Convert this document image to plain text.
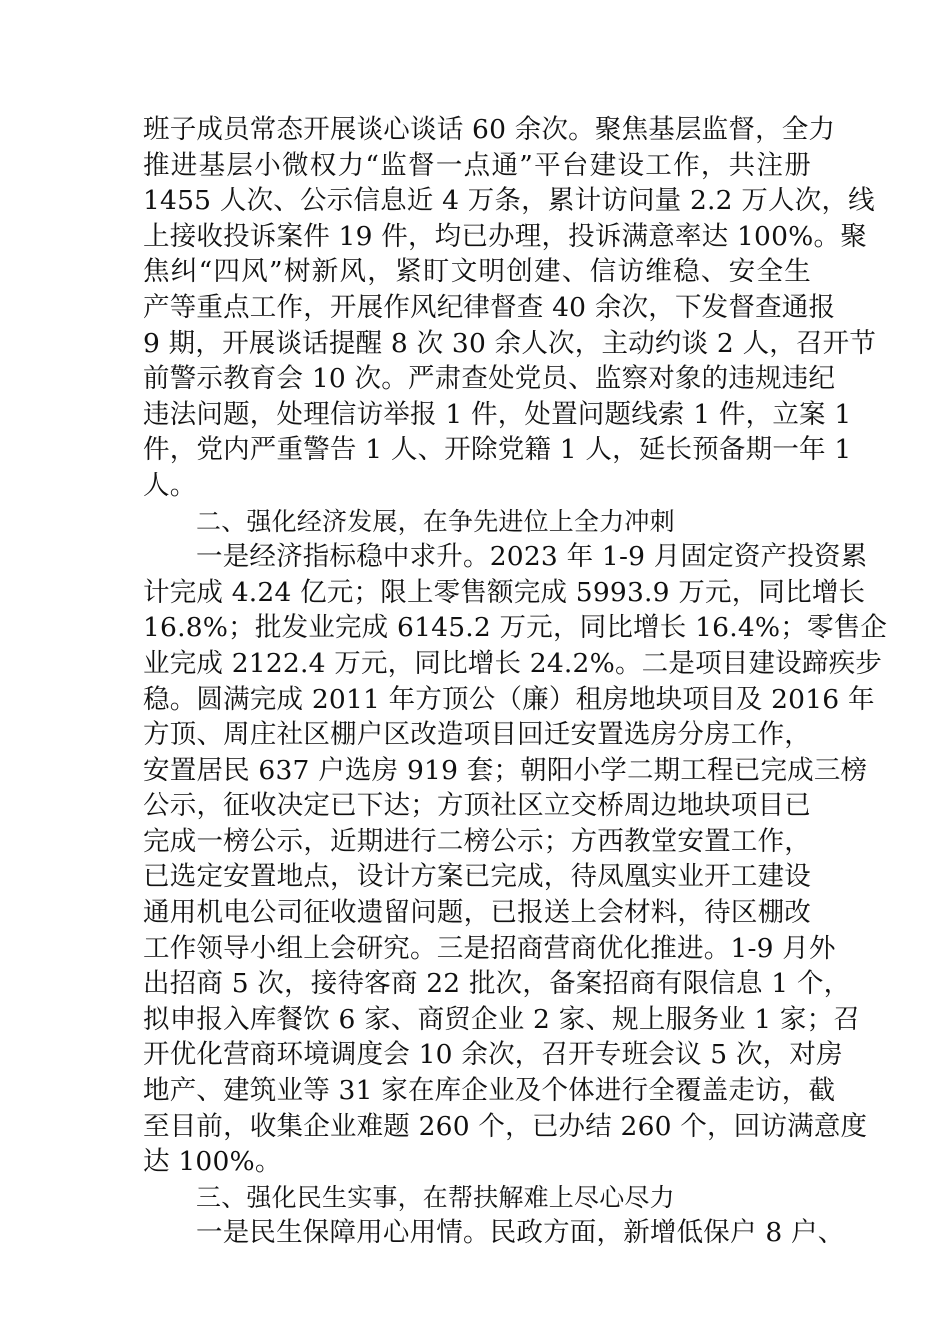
班子成员常态开展谈心谈话 60 余次。聚焦基层监督，全力
推进基层小微权力“监督一点通”平台建设工作，共注册
1455 人次、公示信息近 4 万条，累计访问量 2.2 万人次，线
上接收投诉案件 19 件，均已办理，投诉满意率达 100%。聚
焦纠“四风”树新风，紧盯文明创建、信访维稳、安全生
产等重点工作，开展作风纪律督查 40 余次，下发督查通报
9 期，开展谈话提醒 8 次 30 余人次，主动约谈 2 人，召开节
前警示教育会 10 次。严肃查处党员、监察对象的违规违纪
违法问题，处理信访举报 1 件，处置问题线索 1 件，立案 1
件，党内严重警告 1 人、开除党籍 1 人，延长预备期一年 1
人。
二、强化经济发展，在争先进位上全力冲刺
一是经济指标稳中求升。2023 年 1-9 月固定资产投资累
计完成 4.24 亿元；限上零售额完成 5993.9 万元，同比增长
16.8%；批发业完成 6145.2 万元，同比增长 16.4%；零售企
业完成 2122.4 万元，同比增长 24.2%。二是项目建设蹄疾步
稳。圆满完成 2011 年方顶公（廉）租房地块项目及 2016 年
方顶、周庄社区棚户区改造项目回迁安置选房分房工作，
安置居民 637 户选房 919 套；朝阳小学二期工程已完成三榜
公示，征收决定已下达；方顶社区立交桥周边地块项目已
完成一榜公示，近期进行二榜公示；方西教堂安置工作，
已选定安置地点，设计方案已完成，待凤凰实业开工建设
通用机电公司征收遗留问题，已报送上会材料，待区棚改
工作领导小组上会研究。三是招商营商优化推进。1-9 月外
出招商 5 次，接待客商 22 批次，备案招商有限信息 1 个，
拟申报入库餐饮 6 家、商贸企业 2 家、规上服务业 1 家；召
开优化营商环境调度会 10 余次，召开专班会议 5 次，对房
地产、建筑业等 31 家在库企业及个体进行全覆盖走访，截
至目前，收集企业难题 260 个，已办结 260 个，回访满意度
达 100%。
三、强化民生实事，在帮扶解难上尽心尽力
一是民生保障用心用情。民政方面，新增低保户 8 户、
